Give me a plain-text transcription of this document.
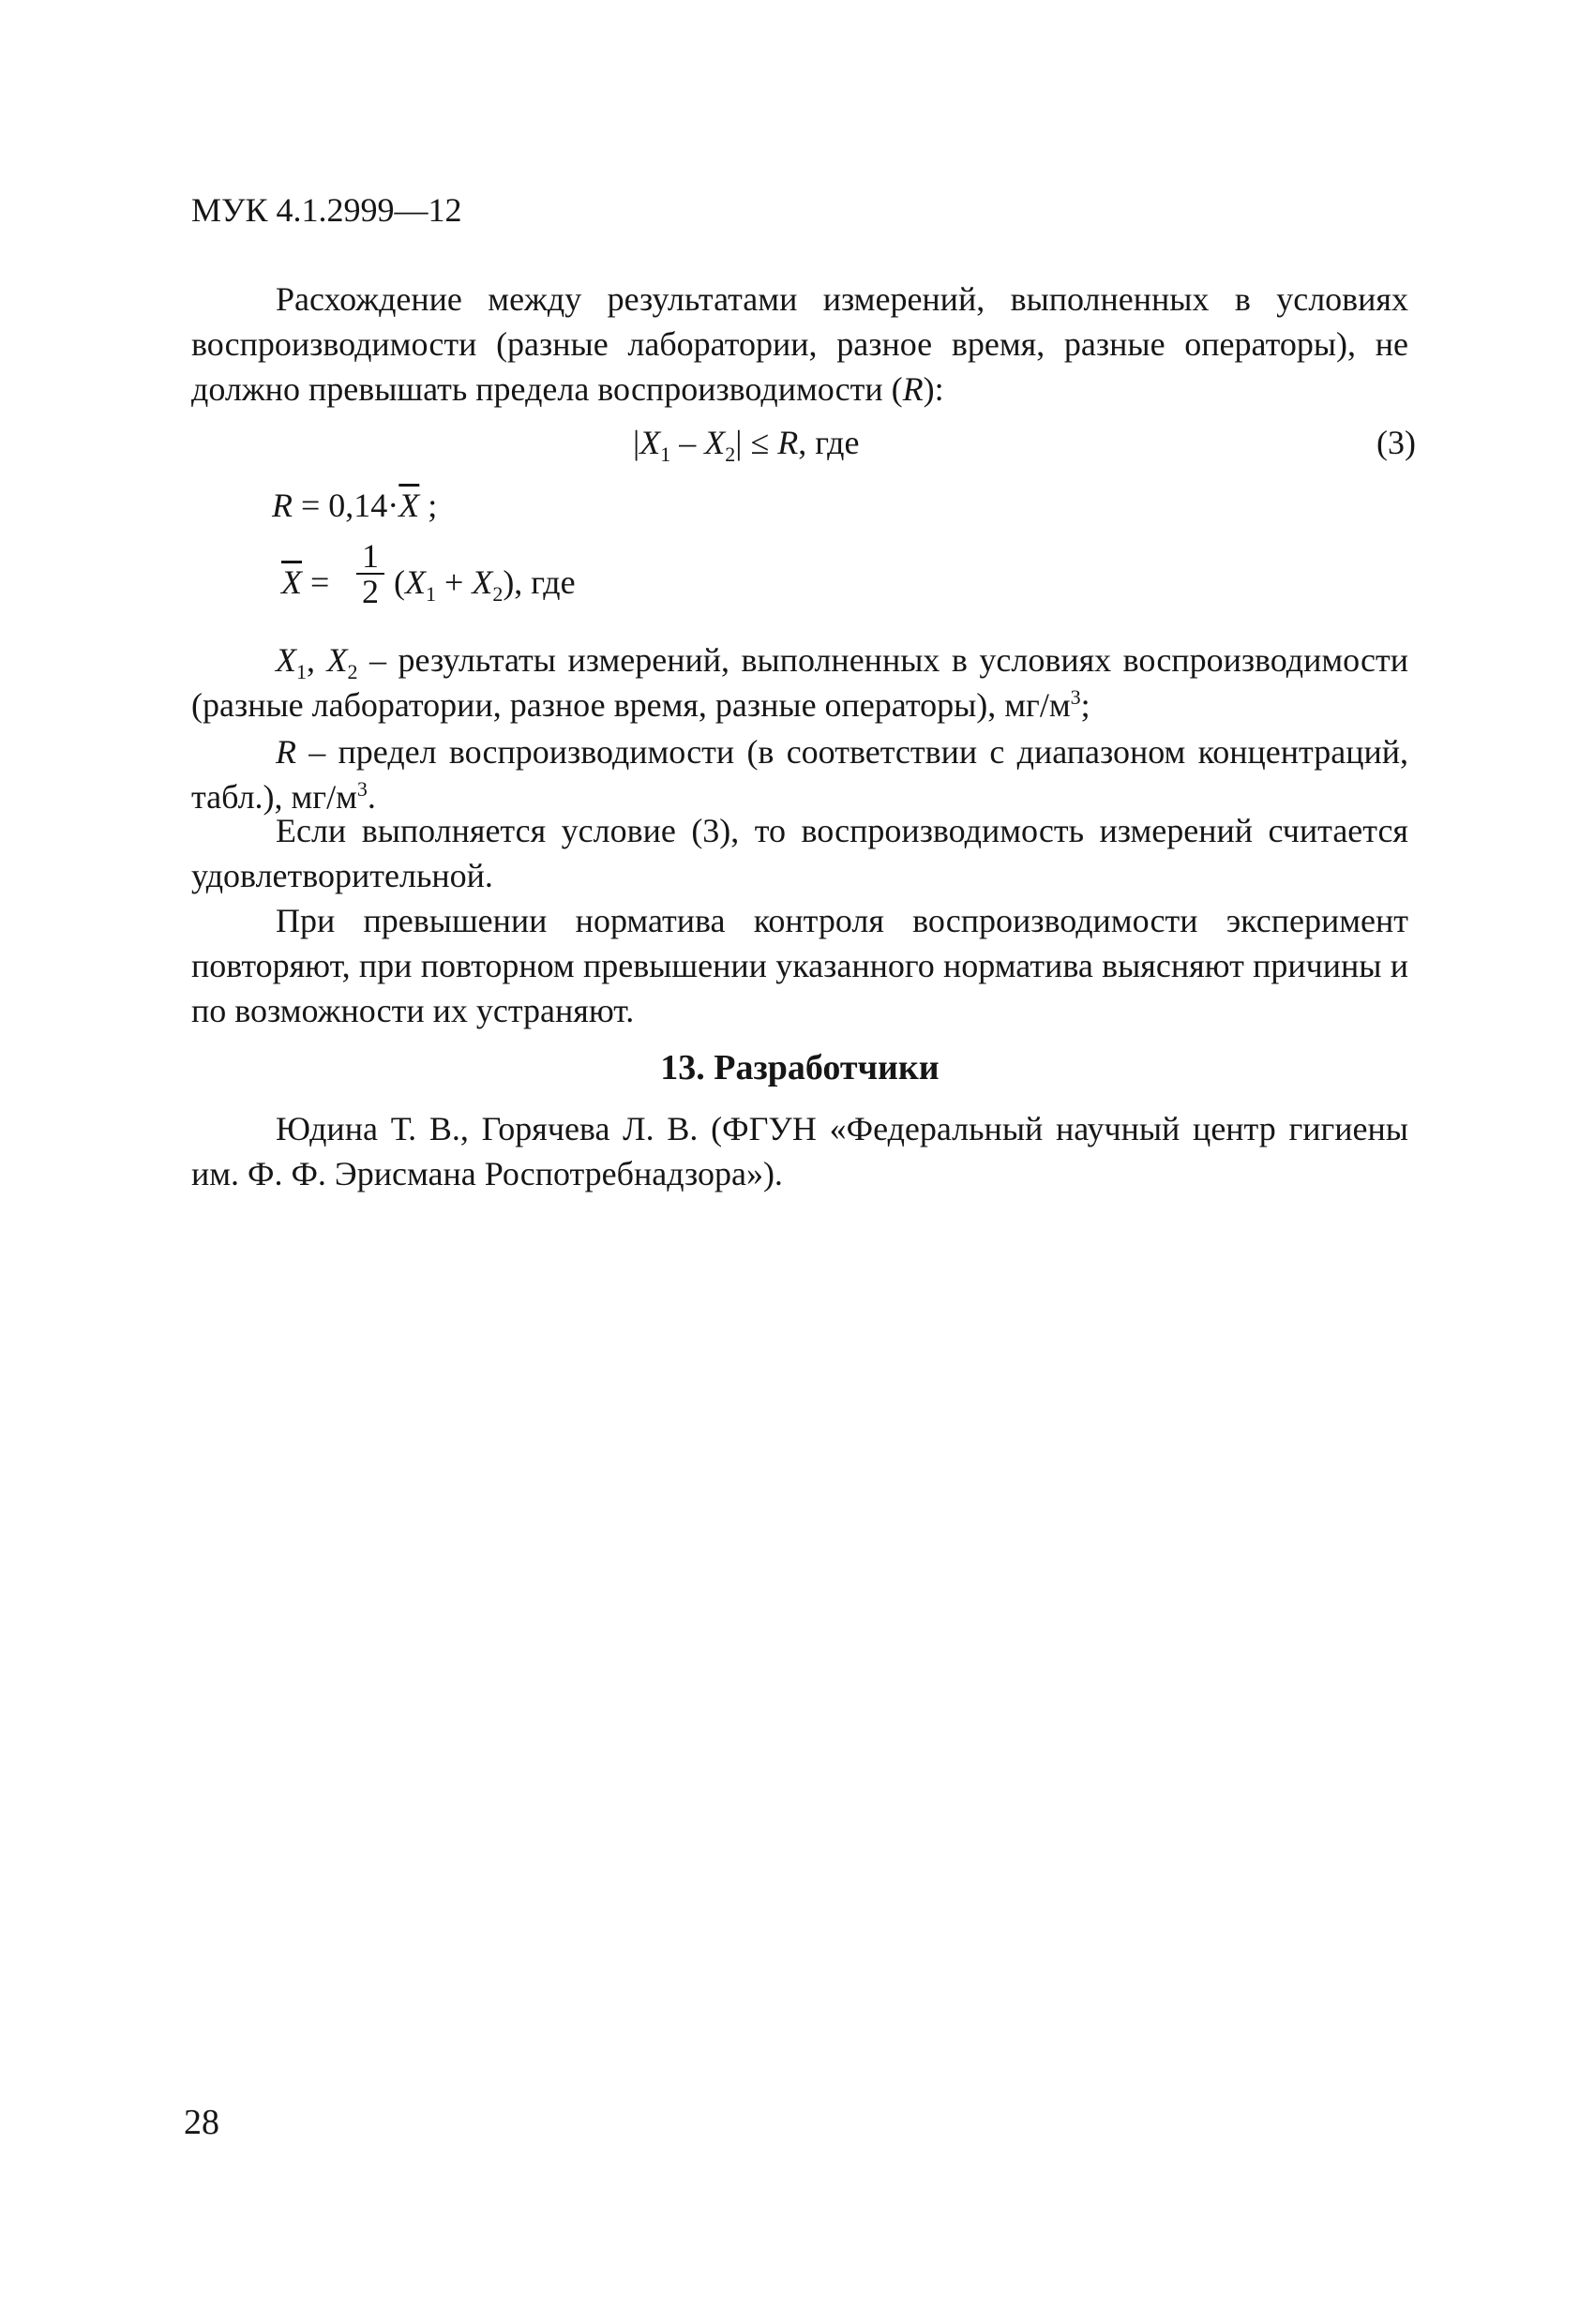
МУК 4.1.2999—12
Расхождение между результатами измерений, выполненных в условиях воспроизводимости (разные лаборатории, разное время, разные операторы), не должно превышать предела воспроизводимости (R):
$|X_1 - X_2| \le R$, где	(3)
$R = 0,14\cdot\overline{X}$ ;
$\overline{X} = \frac{1}{2} (X_1 + X_2)$, где
$X_1$, $X_2$ – результаты измерений, выполненных в условиях воспроизводимости (разные лаборатории, разное время, разные операторы), $мг/м^3$;
R – предел воспроизводимости (в соответствии с диапазоном концентраций, табл.), $мг/м^3$.
Если выполняется условие (3), то воспроизводимость измерений считается удовлетворительной.
При превышении норматива контроля воспроизводимости эксперимент повторяют, при повторном превышении указанного норматива выясняют причины и по возможности их устраняют.
13. Разработчики
Юдина Т. В., Горячева Л. В. (ФГУН «Федеральный научный центр гигиены им. Ф. Ф. Эрисмана Роспотребнадзора»).
28
